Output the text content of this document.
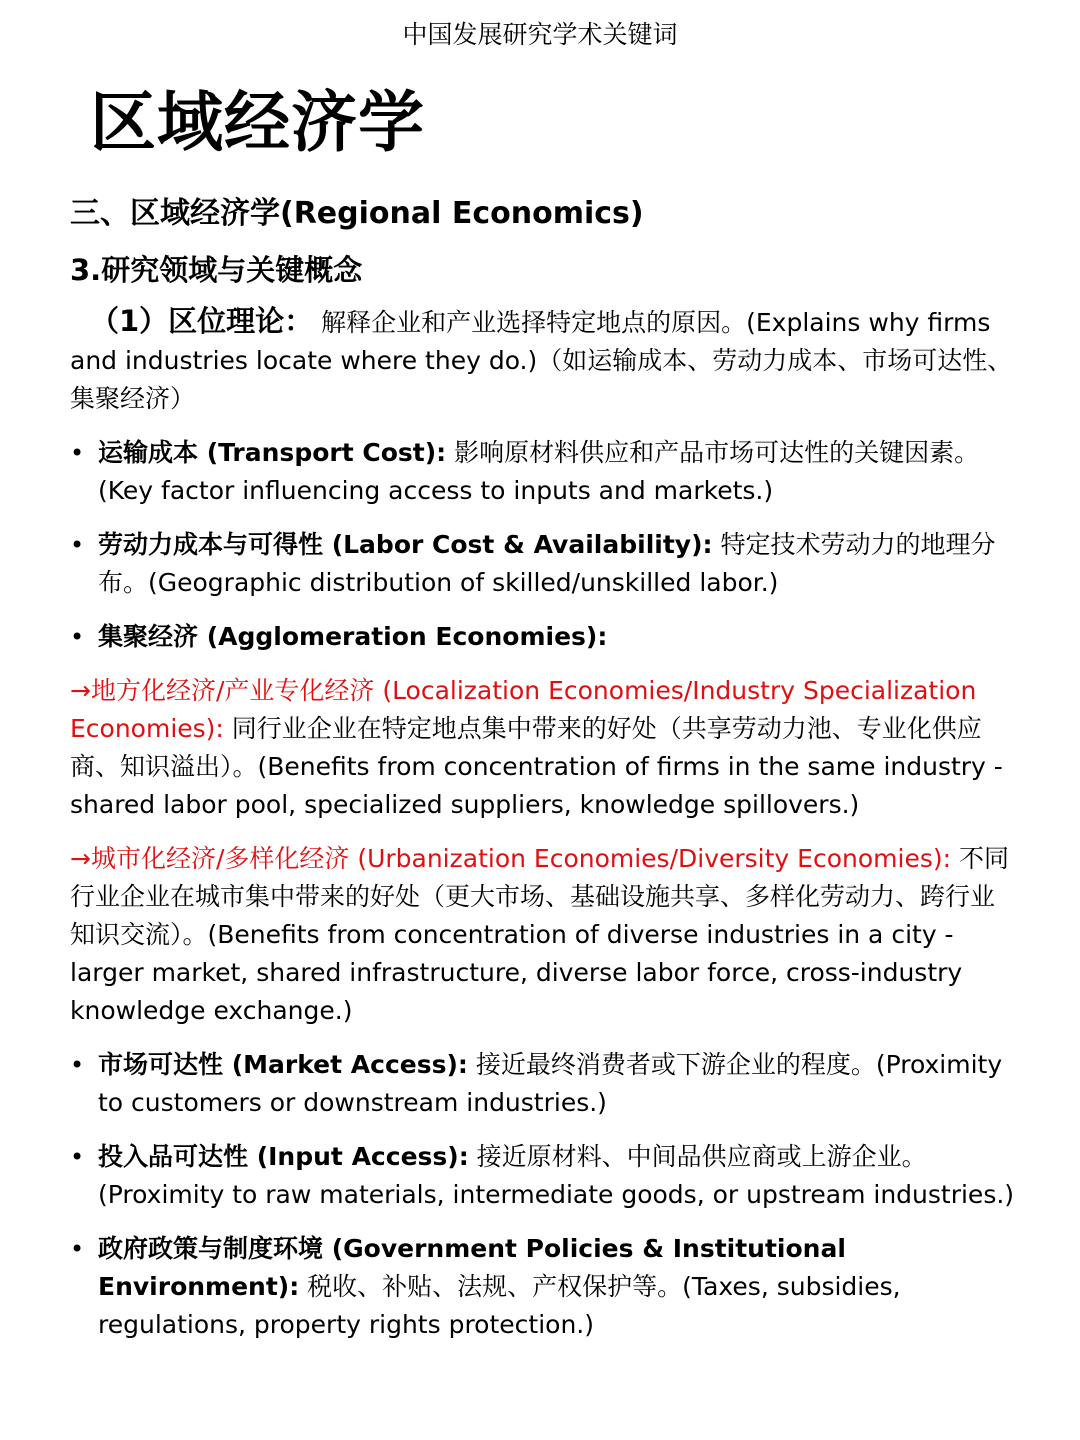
中国发展研究学术关键词
区域经济学
三、区域经济学(Regional Economics)
3.研究领域与关键概念
（1）区位理论： 解释企业和产业选择特定地点的原因。(Explains why firms and industries locate where they do.)（如运输成本、劳动力成本、市场可达性、集聚经济）
• 运输成本 (Transport Cost): 影响原材料供应和产品市场可达性的关键因素。(Key factor influencing access to inputs and markets.)
• 劳动力成本与可得性 (Labor Cost & Availability): 特定技术劳动力的地理分布。(Geographic distribution of skilled/unskilled labor.)
• 集聚经济 (Agglomeration Economies):
→地方化经济/产业专化经济 (Localization Economies/Industry Specialization Economies): 同行业企业在特定地点集中带来的好处（共享劳动力池、专业化供应商、知识溢出）。(Benefits from concentration of firms in the same industry - shared labor pool, specialized suppliers, knowledge spillovers.)
→城市化经济/多样化经济 (Urbanization Economies/Diversity Economies): 不同行业企业在城市集中带来的好处（更大市场、基础设施共享、多样化劳动力、跨行业知识交流）。(Benefits from concentration of diverse industries in a city - larger market, shared infrastructure, diverse labor force, cross-industry knowledge exchange.)
• 市场可达性 (Market Access): 接近最终消费者或下游企业的程度。(Proximity to customers or downstream industries.)
• 投入品可达性 (Input Access): 接近原材料、中间品供应商或上游企业。(Proximity to raw materials, intermediate goods, or upstream industries.)
• 政府政策与制度环境 (Government Policies & Institutional Environment): 税收、补贴、法规、产权保护等。(Taxes, subsidies, regulations, property rights protection.)
